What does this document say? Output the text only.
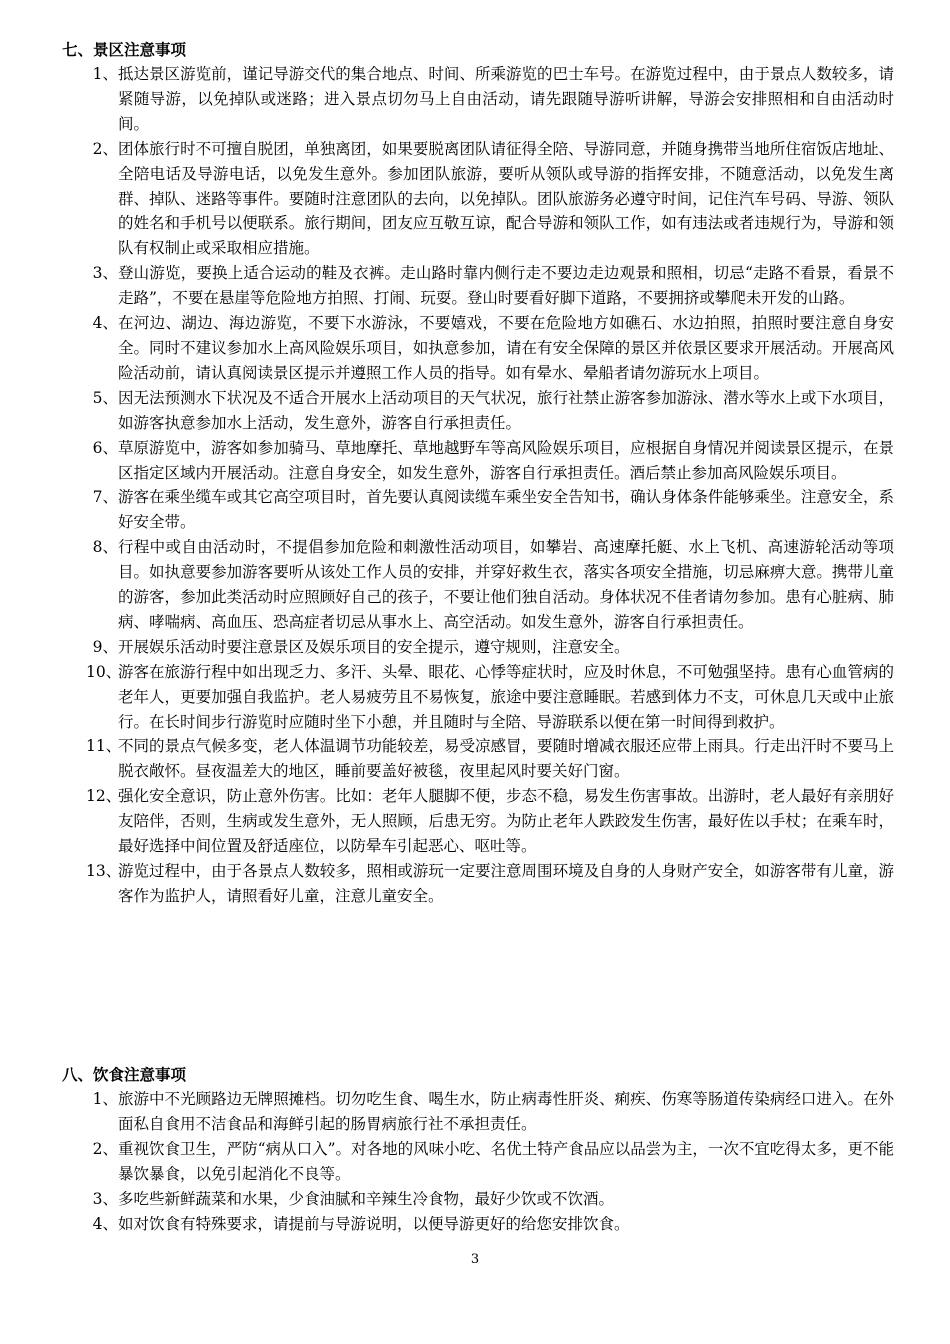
七、景区注意事项
1、 抵达景区游览前，谨记导游交代的集合地点、时间、所乘游览的巴士车号。在游览过程中，由于景点人数较多，请紧随导游，以免掉队或迷路；进入景点切勿马上自由活动，请先跟随导游听讲解，导游会安排照相和自由活动时间。
2、 团体旅行时不可擅自脱团，单独离团，如果要脱离团队请征得全陪、导游同意，并随身携带当地所住宿饭店地址、全陪电话及导游电话，以免发生意外。参加团队旅游，要听从领队或导游的指挥安排，不随意活动，以免发生离群、掉队、迷路等事件。要随时注意团队的去向，以免掉队。团队旅游务必遵守时间，记住汽车号码、导游、领队的姓名和手机号以便联系。旅行期间，团友应互敬互谅，配合导游和领队工作，如有违法或者违规行为，导游和领队有权制止或采取相应措施。
3、 登山游览，要换上适合运动的鞋及衣裤。走山路时靠内侧行走不要边走边观景和照相，切忌“走路不看景，看景不走路”，不要在悬崖等危险地方拍照、打闹、玩耍。登山时要看好脚下道路，不要拥挤或攀爬未开发的山路。
4、 在河边、湖边、海边游览，不要下水游泳，不要嬉戏，不要在危险地方如礁石、水边拍照，拍照时要注意自身安全。同时不建议参加水上高风险娱乐项目，如执意参加，请在有安全保障的景区并依景区要求开展活动。开展高风险活动前，请认真阅读景区提示并遵照工作人员的指导。如有晕水、晕船者请勿游玩水上项目。
5、 因无法预测水下状况及不适合开展水上活动项目的天气状况，旅行社禁止游客参加游泳、潜水等水上或下水项目，如游客执意参加水上活动，发生意外，游客自行承担责任。
6、 草原游览中，游客如参加骑马、草地摩托、草地越野车等高风险娱乐项目，应根据自身情况并阅读景区提示，在景区指定区域内开展活动。注意自身安全，如发生意外，游客自行承担责任。酒后禁止参加高风险娱乐项目。
7、 游客在乘坐缆车或其它高空项目时，首先要认真阅读缆车乘坐安全告知书，确认身体条件能够乘坐。注意安全，系好安全带。
8、 行程中或自由活动时，不提倡参加危险和刺激性活动项目，如攀岩、高速摩托艇、水上飞机、高速游轮活动等项目。如执意要参加游客要听从该处工作人员的安排，并穿好救生衣，落实各项安全措施，切忌麻痹大意。携带儿童的游客，参加此类活动时应照顾好自己的孩子，不要让他们独自活动。身体状况不佳者请勿参加。患有心脏病、肺病、哮喘病、高血压、恐高症者切忌从事水上、高空活动。如发生意外，游客自行承担责任。
9、 开展娱乐活动时要注意景区及娱乐项目的安全提示，遵守规则，注意安全。
10、
游客在旅游行程中如出现乏力、多汗、头晕、眼花、心悸等症状时，应及时休息，不可勉强坚持。患有心血管病的老年人，更要加强自我监护。老人易疲劳且不易恢复，旅途中要注意睡眠。若感到体力不支，可休息几天或中止旅行。在长时间步行游览时应随时坐下小憩，并且随时与全陪、导游联系以便在第一时间得到救护。
11、
不同的景点气候多变，老人体温调节功能较差，易受凉感冒，要随时增减衣服还应带上雨具。行走出汗时不要马上脱衣敞怀。昼夜温差大的地区，睡前要盖好被毯，夜里起风时要关好门窗。
12、
强化安全意识，防止意外伤害。比如：老年人腿脚不便，步态不稳，易发生伤害事故。出游时，老人最好有亲朋好友陪伴，否则，生病或发生意外，无人照顾，后患无穷。为防止老年人跌跤发生伤害，最好佐以手杖；在乘车时，最好选择中间位置及舒适座位，以防晕车引起恶心、呕吐等。
13、
游览过程中，由于各景点人数较多，照相或游玩一定要注意周围环境及自身的人身财产安全，如游客带有儿童，游客作为监护人，请照看好儿童，注意儿童安全。
八、饮食注意事项
1、 旅游中不光顾路边无牌照摊档。切勿吃生食、喝生水，防止病毒性肝炎、痢疾、伤寒等肠道传染病经口进入。在外面私自食用不洁食品和海鲜引起的肠胃病旅行社不承担责任。
2、 重视饮食卫生，严防“病从口入”。对各地的风味小吃、名优土特产食品应以品尝为主，一次不宜吃得太多，更不能暴饮暴食，以免引起消化不良等。
3、 多吃些新鲜蔬菜和水果，少食油腻和辛辣生冷食物，最好少饮或不饮酒。
4、 如对饮食有特殊要求，请提前与导游说明，以便导游更好的给您安排饮食。
3
